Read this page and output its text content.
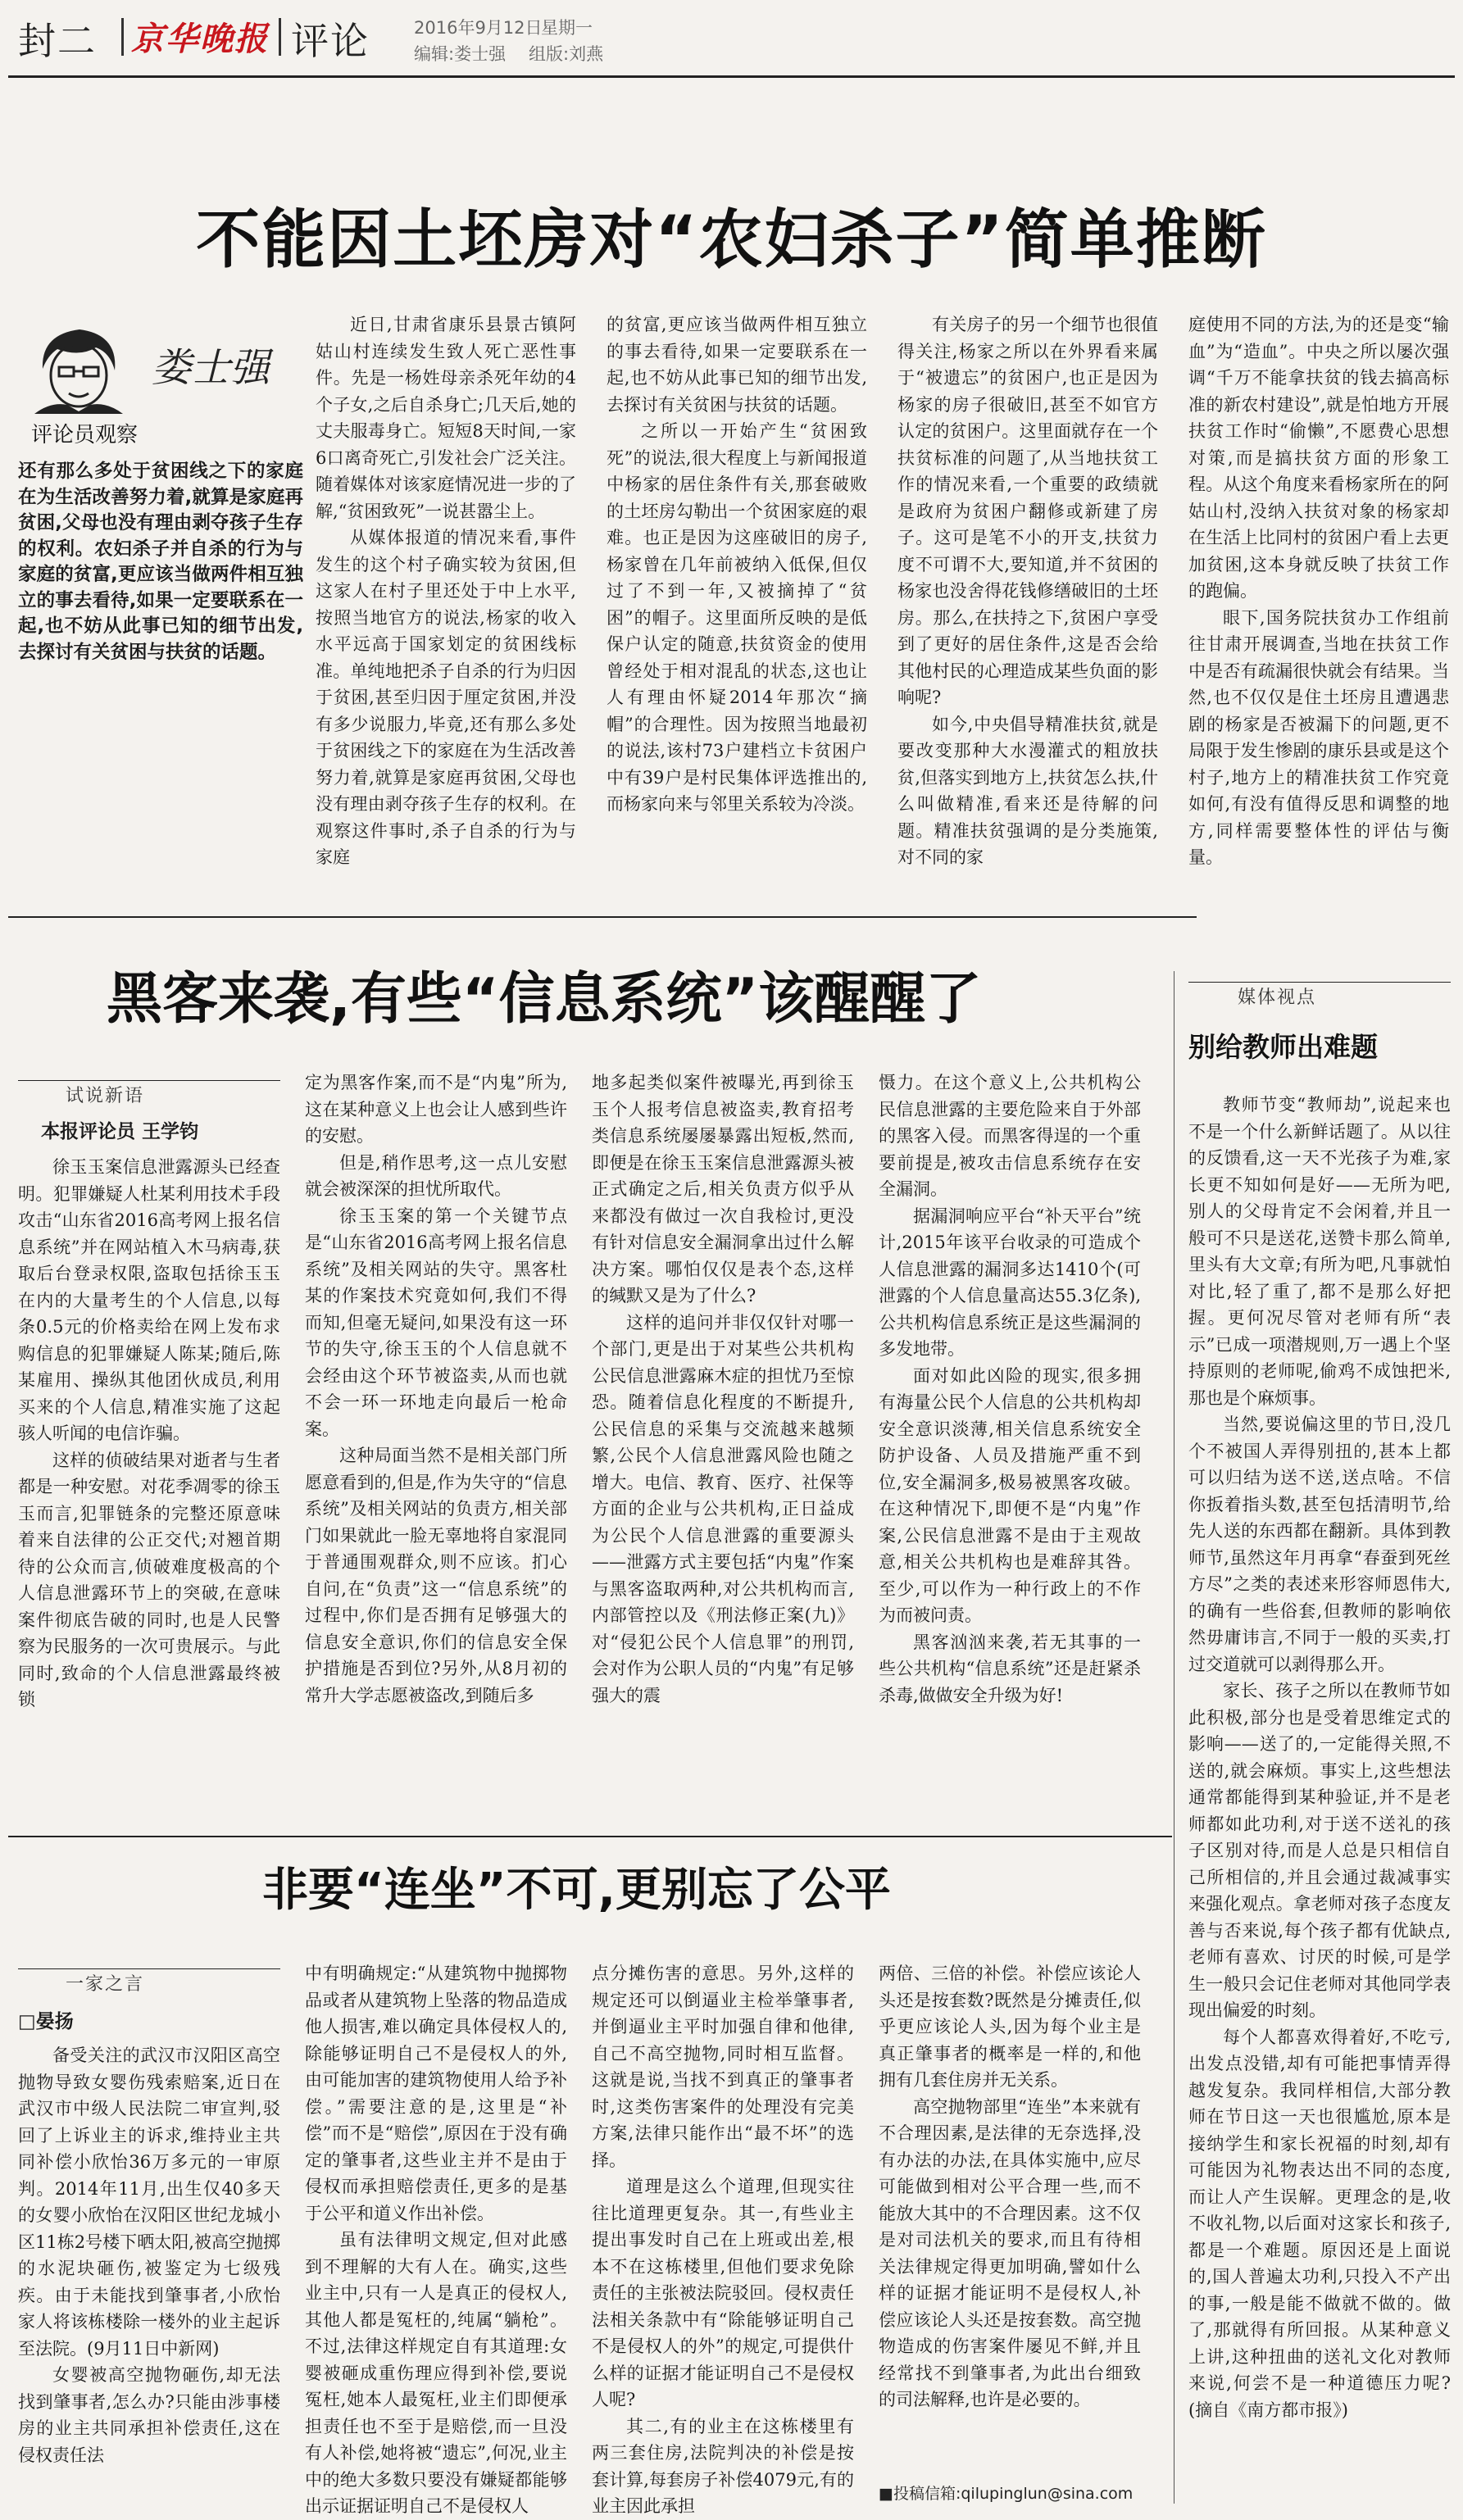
封二 京华晚报 评论	2016年9月12日
星期一
编辑:娄士强 组版:刘燕
不能因土坯房对“农妇杀子”简单推断
娄士强
评论员观察
还有那么多处于贫困线之下的家庭在为生活改善努力着,就算是家庭再贫困,父母也没有理由剥夺孩子生存的权利。农妇杀子并自杀的行为与家庭的贫富,更应该当做两件相互独立的事去看待,如果一定要联系在一起,也不妨从此事已知的细节出发,去探讨有关贫困与扶贫的话题。

近日,甘肃省康乐县景古镇阿姑山村连续发生致人死亡恶性事件。先是一杨姓母亲杀死年幼的4个子女,之后自杀身亡;几天后,她的丈夫服毒身亡。短短8天时间,一家6口离奇死亡,引发社会广泛关注。随着媒体对该家庭情况进一步的了解,“贫困致死”一说甚嚣尘上。

从媒体报道的情况来看,事件发生的这个村子确实较为贫困,但这家人在村子里还处于中上水平,按照当地官方的说法,杨家的收入水平远高于国家划定的贫困线标准。单纯地把杀子自杀的行为归因于贫困,甚至归因于厘定贫困,并没有多少说服力,毕竟,还有那么多处于贫困线之下的家庭在为生活改善努力着,就算是家庭再贫困,父母也没有理由剥夺孩子生存的权利。在观察这件事时,杀子自杀的行为与家庭

的贫富,更应该当做两件相互独立的事去看待,如果一定要联系在一起,也不妨从此事已知的细节出发,去探讨有关贫困与扶贫的话题。

之所以一开始产生“贫困致死”的说法,很大程度上与新闻报道中杨家的居住条件有关,那套破败的土坯房勾勒出一个贫困家庭的艰难。也正是因为这座破旧的房子,杨家曾在几年前被纳入低保,但仅过了不到一年,又被摘掉了“贫困”的帽子。这里面所反映的是低保户认定的随意,扶贫资金的使用曾经处于相对混乱的状态,这也让人有理由怀疑2014年那次“摘帽”的合理性。因为按照当地最初的说法,该村73户建档立卡贫困户中有39户是村民集体评选推出的,而杨家向来与邻里关系较为冷淡。

有关房子的另一个细节也很值得关注,杨家之所以在外界看来属于“被遗忘”的贫困户,也正是因为杨家的房子很破旧,甚至不如官方认定的贫困户。这里面就存在一个扶贫标准的问题了,从当地扶贫工作的情况来看,一个重要的政绩就是政府为贫困户翻修或新建了房子。这可是笔不小的开支,扶贫力度不可谓不大,要知道,并不贫困的杨家也没舍得花钱修缮破旧的土坯房。那么,在扶持之下,贫困户享受到了更好的居住条件,这是否会给其他村民的心理造成某些负面的影响呢?

如今,中央倡导精准扶贫,就是要改变那种大水漫灌式的粗放扶贫,但落实到地方上,扶贫怎么扶,什么叫做精准,看来还是待解的问题。精准扶贫强调的是分类施策,对不同的家

庭使用不同的方法,为的还是变“输血”为“造血”。中央之所以屡次强调“千万不能拿扶贫的钱去搞高标准的新农村建设”,就是怕地方开展扶贫工作时“偷懒”,不愿费心思想对策,而是搞扶贫方面的形象工程。从这个角度来看杨家所在的阿姑山村,没纳入扶贫对象的杨家却在生活上比同村的贫困户看上去更加贫困,这本身就反映了扶贫工作的跑偏。

眼下,国务院扶贫办工作组前往甘肃开展调查,当地在扶贫工作中是否有疏漏很快就会有结果。当然,也不仅仅是住土坯房且遭遇悲剧的杨家是否被漏下的问题,更不局限于发生惨剧的康乐县或是这个村子,地方上的精准扶贫工作究竟如何,有没有值得反思和调整的地方,同样需要整体性的评估与衡量。

黑客来袭,有些“信息系统”该醒醒了
试说新语
本报评论员 王学钧

徐玉玉案信息泄露源头已经查明。犯罪嫌疑人杜某利用技术手段攻击“山东省2016高考网上报名信息系统”并在网站植入木马病毒,获取后台登录权限,盗取包括徐玉玉在内的大量考生的个人信息,以每条0.5元的价格卖给在网上发布求购信息的犯罪嫌疑人陈某;随后,陈某雇用、操纵其他团伙成员,利用买来的个人信息,精准实施了这起骇人听闻的电信诈骗。

这样的侦破结果对逝者与生者都是一种安慰。对花季凋零的徐玉玉而言,犯罪链条的完整还原意味着来自法律的公正交代;对翘首期待的公众而言,侦破难度极高的个人信息泄露环节上的突破,在意味案件彻底告破的同时,也是人民警察为民服务的一次可贵展示。与此同时,致命的个人信息泄露最终被锁

定为黑客作案,而不是“内鬼”所为,这在某种意义上也会让人感到些许的安慰。

但是,稍作思考,这一点儿安慰就会被深深的担忧所取代。

徐玉玉案的第一个关键节点是“山东省2016高考网上报名信息系统”及相关网站的失守。黑客杜某的作案技术究竟如何,我们不得而知,但毫无疑问,如果没有这一环节的失守,徐玉玉的个人信息就不会经由这个环节被盗卖,从而也就不会一环一环地走向最后一枪命案。

这种局面当然不是相关部门所愿意看到的,但是,作为失守的“信息系统”及相关网站的负责方,相关部门如果就此一脸无辜地将自家混同于普通围观群众,则不应该。扪心自问,在“负责”这一“信息系统”的过程中,你们是否拥有足够强大的信息安全意识,你们的信息安全保护措施是否到位?另外,从8月初的常升大学志愿被盗改,到随后多

地多起类似案件被曝光,再到徐玉玉个人报考信息被盗卖,教育招考类信息系统屡屡暴露出短板,然而,即便是在徐玉玉案信息泄露源头被正式确定之后,相关负责方似乎从来都没有做过一次自我检讨,更没有针对信息安全漏洞拿出过什么解决方案。哪怕仅仅是表个态,这样的缄默又是为了什么?

这样的追问并非仅仅针对哪一个部门,更是出于对某些公共机构公民信息泄露麻木症的担忧乃至惊恐。随着信息化程度的不断提升,公民信息的采集与交流越来越频繁,公民个人信息泄露风险也随之增大。电信、教育、医疗、社保等方面的企业与公共机构,正日益成为公民个人信息泄露的重要源头——泄露方式主要包括“内鬼”作案与黑客盗取两种,对公共机构而言,内部管控以及《刑法修正案(九)》对“侵犯公民个人信息罪”的刑罚,会对作为公职人员的“内鬼”有足够强大的震

慑力。在这个意义上,公共机构公民信息泄露的主要危险来自于外部的黑客入侵。而黑客得逞的一个重要前提是,被攻击信息系统存在安全漏洞。

据漏洞响应平台“补天平台”统计,2015年该平台收录的可造成个人信息泄露的漏洞多达1410个(可泄露的个人信息量高达55.3亿条),公共机构信息系统正是这些漏洞的多发地带。

面对如此凶险的现实,很多拥有海量公民个人信息的公共机构却安全意识淡薄,相关信息系统安全防护设备、人员及措施严重不到位,安全漏洞多,极易被黑客攻破。在这种情况下,即便不是“内鬼”作案,公民信息泄露不是由于主观故意,相关公共机构也是难辞其咎。至少,可以作为一种行政上的不作为而被问责。

黑客汹汹来袭,若无其事的一些公共机构“信息系统”还是赶紧杀杀毒,做做安全升级为好!

非要“连坐”不可,更别忘了公平
一家之言
□晏扬

备受关注的武汉市汉阳区高空抛物导致女婴伤残索赔案,近日在武汉市中级人民法院二审宣判,驳回了上诉业主的诉求,维持业主共同补偿小欣怡36万多元的一审原判。2014年11月,出生仅40多天的女婴小欣怡在汉阳区世纪龙城小区11栋2号楼下晒太阳,被高空抛掷的水泥块砸伤,被鉴定为七级残疾。由于未能找到肇事者,小欣怡家人将该栋楼除一楼外的业主起诉至法院。(9月11日中新网)

女婴被高空抛物砸伤,却无法找到肇事者,怎么办?只能由涉事楼房的业主共同承担补偿责任,这在侵权责任法

中有明确规定:“从建筑物中抛掷物品或者从建筑物上坠落的物品造成他人损害,难以确定具体侵权人的,除能够证明自己不是侵权人的外,由可能加害的建筑物使用人给予补偿。”需要注意的是,这里是“补偿”而不是“赔偿”,原因在于没有确定的肇事者,这些业主并不是由于侵权而承担赔偿责任,更多的是基于公平和道义作出补偿。

虽有法律明文规定,但对此感到不理解的大有人在。确实,这些业主中,只有一人是真正的侵权人,其他人都是冤枉的,纯属“躺枪”。不过,法律这样规定自有其道理:女婴被砸成重伤理应得到补偿,要说冤枉,她本人最冤枉,业主们即便承担责任也不至于是赔偿,而一旦没有人补偿,她将被“遗忘”,何况,业主中的绝大多数只要没有嫌疑都能够出示证据证明自己不是侵权人

点分摊伤害的意思。另外,这样的规定还可以倒逼业主检举肇事者,并倒逼业主平时加强自律和他律,自己不高空抛物,同时相互监督。这就是说,当找不到真正的肇事者时,这类伤害案件的处理没有完美方案,法律只能作出“最不坏”的选择。

道理是这么个道理,但现实往往比道理更复杂。其一,有些业主提出事发时自己在上班或出差,根本不在这栋楼里,但他们要求免除责任的主张被法院驳回。侵权责任法相关条款中有“除能够证明自己不是侵权人的外”的规定,可提供什么样的证据才能证明自己不是侵权人呢?

其二,有的业主在这栋楼里有两三套住房,法院判决的补偿是按套计算,每套房子补偿4079元,有的业主因此承担

两倍、三倍的补偿。补偿应该论人头还是按套数?既然是分摊责任,似乎更应该论人头,因为每个业主是真正肇事者的概率是一样的,和他拥有几套住房并无关系。

高空抛物部里“连坐”本来就有不合理因素,是法律的无奈选择,没有办法的办法,在具体实施中,应尽可能做到相对公平合理一些,而不能放大其中的不合理因素。这不仅是对司法机关的要求,而且有待相关法律规定得更加明确,譬如什么样的证据才能证明不是侵权人,补偿应该论人头还是按套数。高空抛物造成的伤害案件屡见不鲜,并且经常找不到肇事者,为此出台细致的司法解释,也许是必要的。

■投稿信箱:qilupinglun@sina.com
媒体视点
别给教师出难题

教师节变“教师劫”,说起来也不是一个什么新鲜话题了。从以往的反馈看,这一天不光孩子为难,家长更不知如何是好——无所为吧,别人的父母肯定不会闲着,并且一般可不只是送花,送赞卡那么简单,里头有大文章;有所为吧,凡事就怕对比,轻了重了,都不是那么好把握。更何况尽管对老师有所“表示”已成一项潜规则,万一遇上个坚持原则的老师呢,偷鸡不成蚀把米,那也是个麻烦事。

当然,要说偏这里的节日,没几个不被国人弄得别扭的,甚本上都可以归结为送不送,送点啥。不信你扳着指头数,甚至包括清明节,给先人送的东西都在翻新。具体到教师节,虽然这年月再拿“春蚕到死丝方尽”之类的表述来形容师恩伟大,的确有一些俗套,但教师的影响依然毋庸讳言,不同于一般的买卖,打过交道就可以剥得那么开。

家长、孩子之所以在教师节如此积极,部分也是受着思维定式的影响——送了的,一定能得关照,不送的,就会麻烦。事实上,这些想法通常都能得到某种验证,并不是老师都如此功利,对于送不送礼的孩子区别对待,而是人总是只相信自己所相信的,并且会通过裁减事实来强化观点。拿老师对孩子态度友善与否来说,每个孩子都有优缺点,老师有喜欢、讨厌的时候,可是学生一般只会记住老师对其他同学表现出偏爱的时刻。

每个人都喜欢得着好,不吃亏,出发点没错,却有可能把事情弄得越发复杂。我同样相信,大部分教师在节日这一天也很尴尬,原本是接纳学生和家长祝福的时刻,却有可能因为礼物表达出不同的态度,而让人产生误解。更理念的是,收不收礼物,以后面对这家长和孩子,都是一个难题。原因还是上面说的,国人普遍太功利,只投入不产出的事,一般是能不做就不做的。做了,那就得有所回报。从某种意义上讲,这种扭曲的送礼文化对教师来说,何尝不是一种道德压力呢?(摘自《南方都市报》)
